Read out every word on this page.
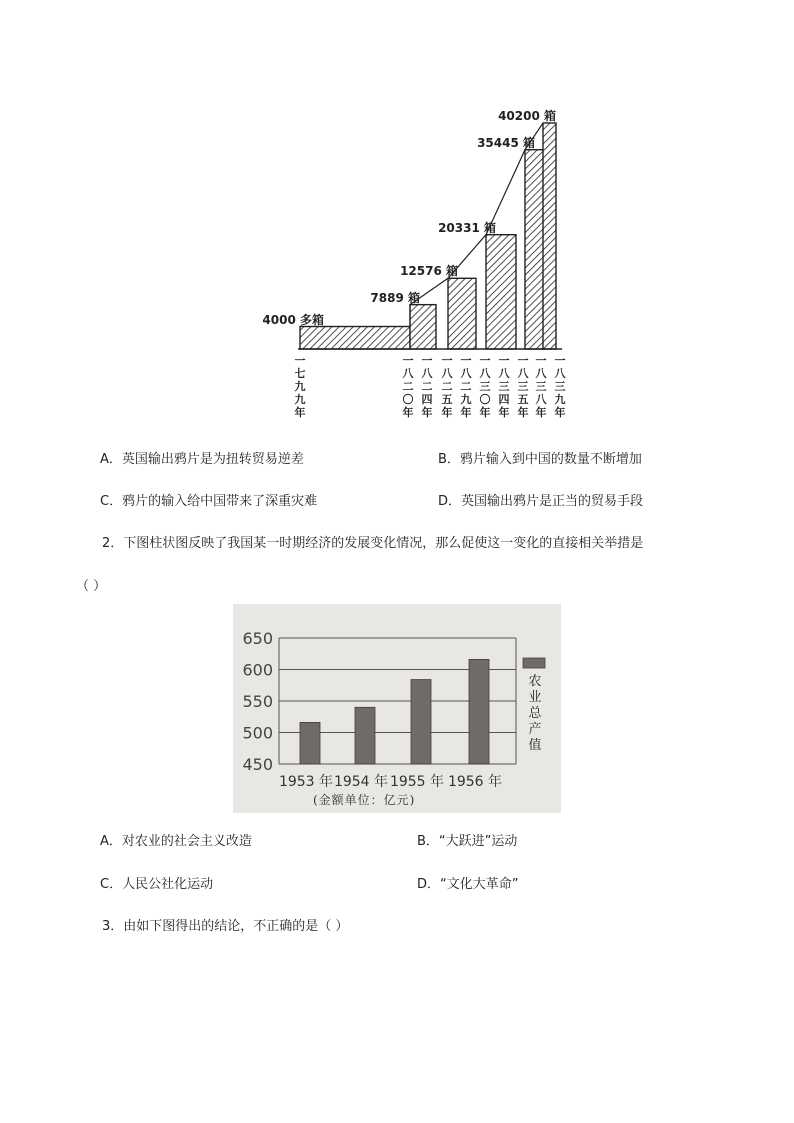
4000 多箱
7889 箱
12576 箱
20331 箱
35445 箱
40200 箱
一七九九年
一八二〇年
一八二四年
一八二五年
一八二九年
一八三〇年
一八三四年
一八三五年
一八三八年
一八三九年
A．英国输出鸦片是为扭转贸易逆差	B．鸦片输入到中国的数量不断增加
C．鸦片的输入给中国带来了深重灾难	D．英国输出鸦片是正当的贸易手段
2．下图柱状图反映了我国某一时期经济的发展变化情况，那么促使这一变化的直接相关举措是
（ ）
650
600
550
500
450
1953 年 1954 年 1955 年 1956 年
农业总产值
(金额单位：亿元)
A．对农业的社会主义改造	B．“大跃进”运动
C．人民公社化运动	D．“文化大革命”
3．由如下图得出的结论，不正确的是（ ）
